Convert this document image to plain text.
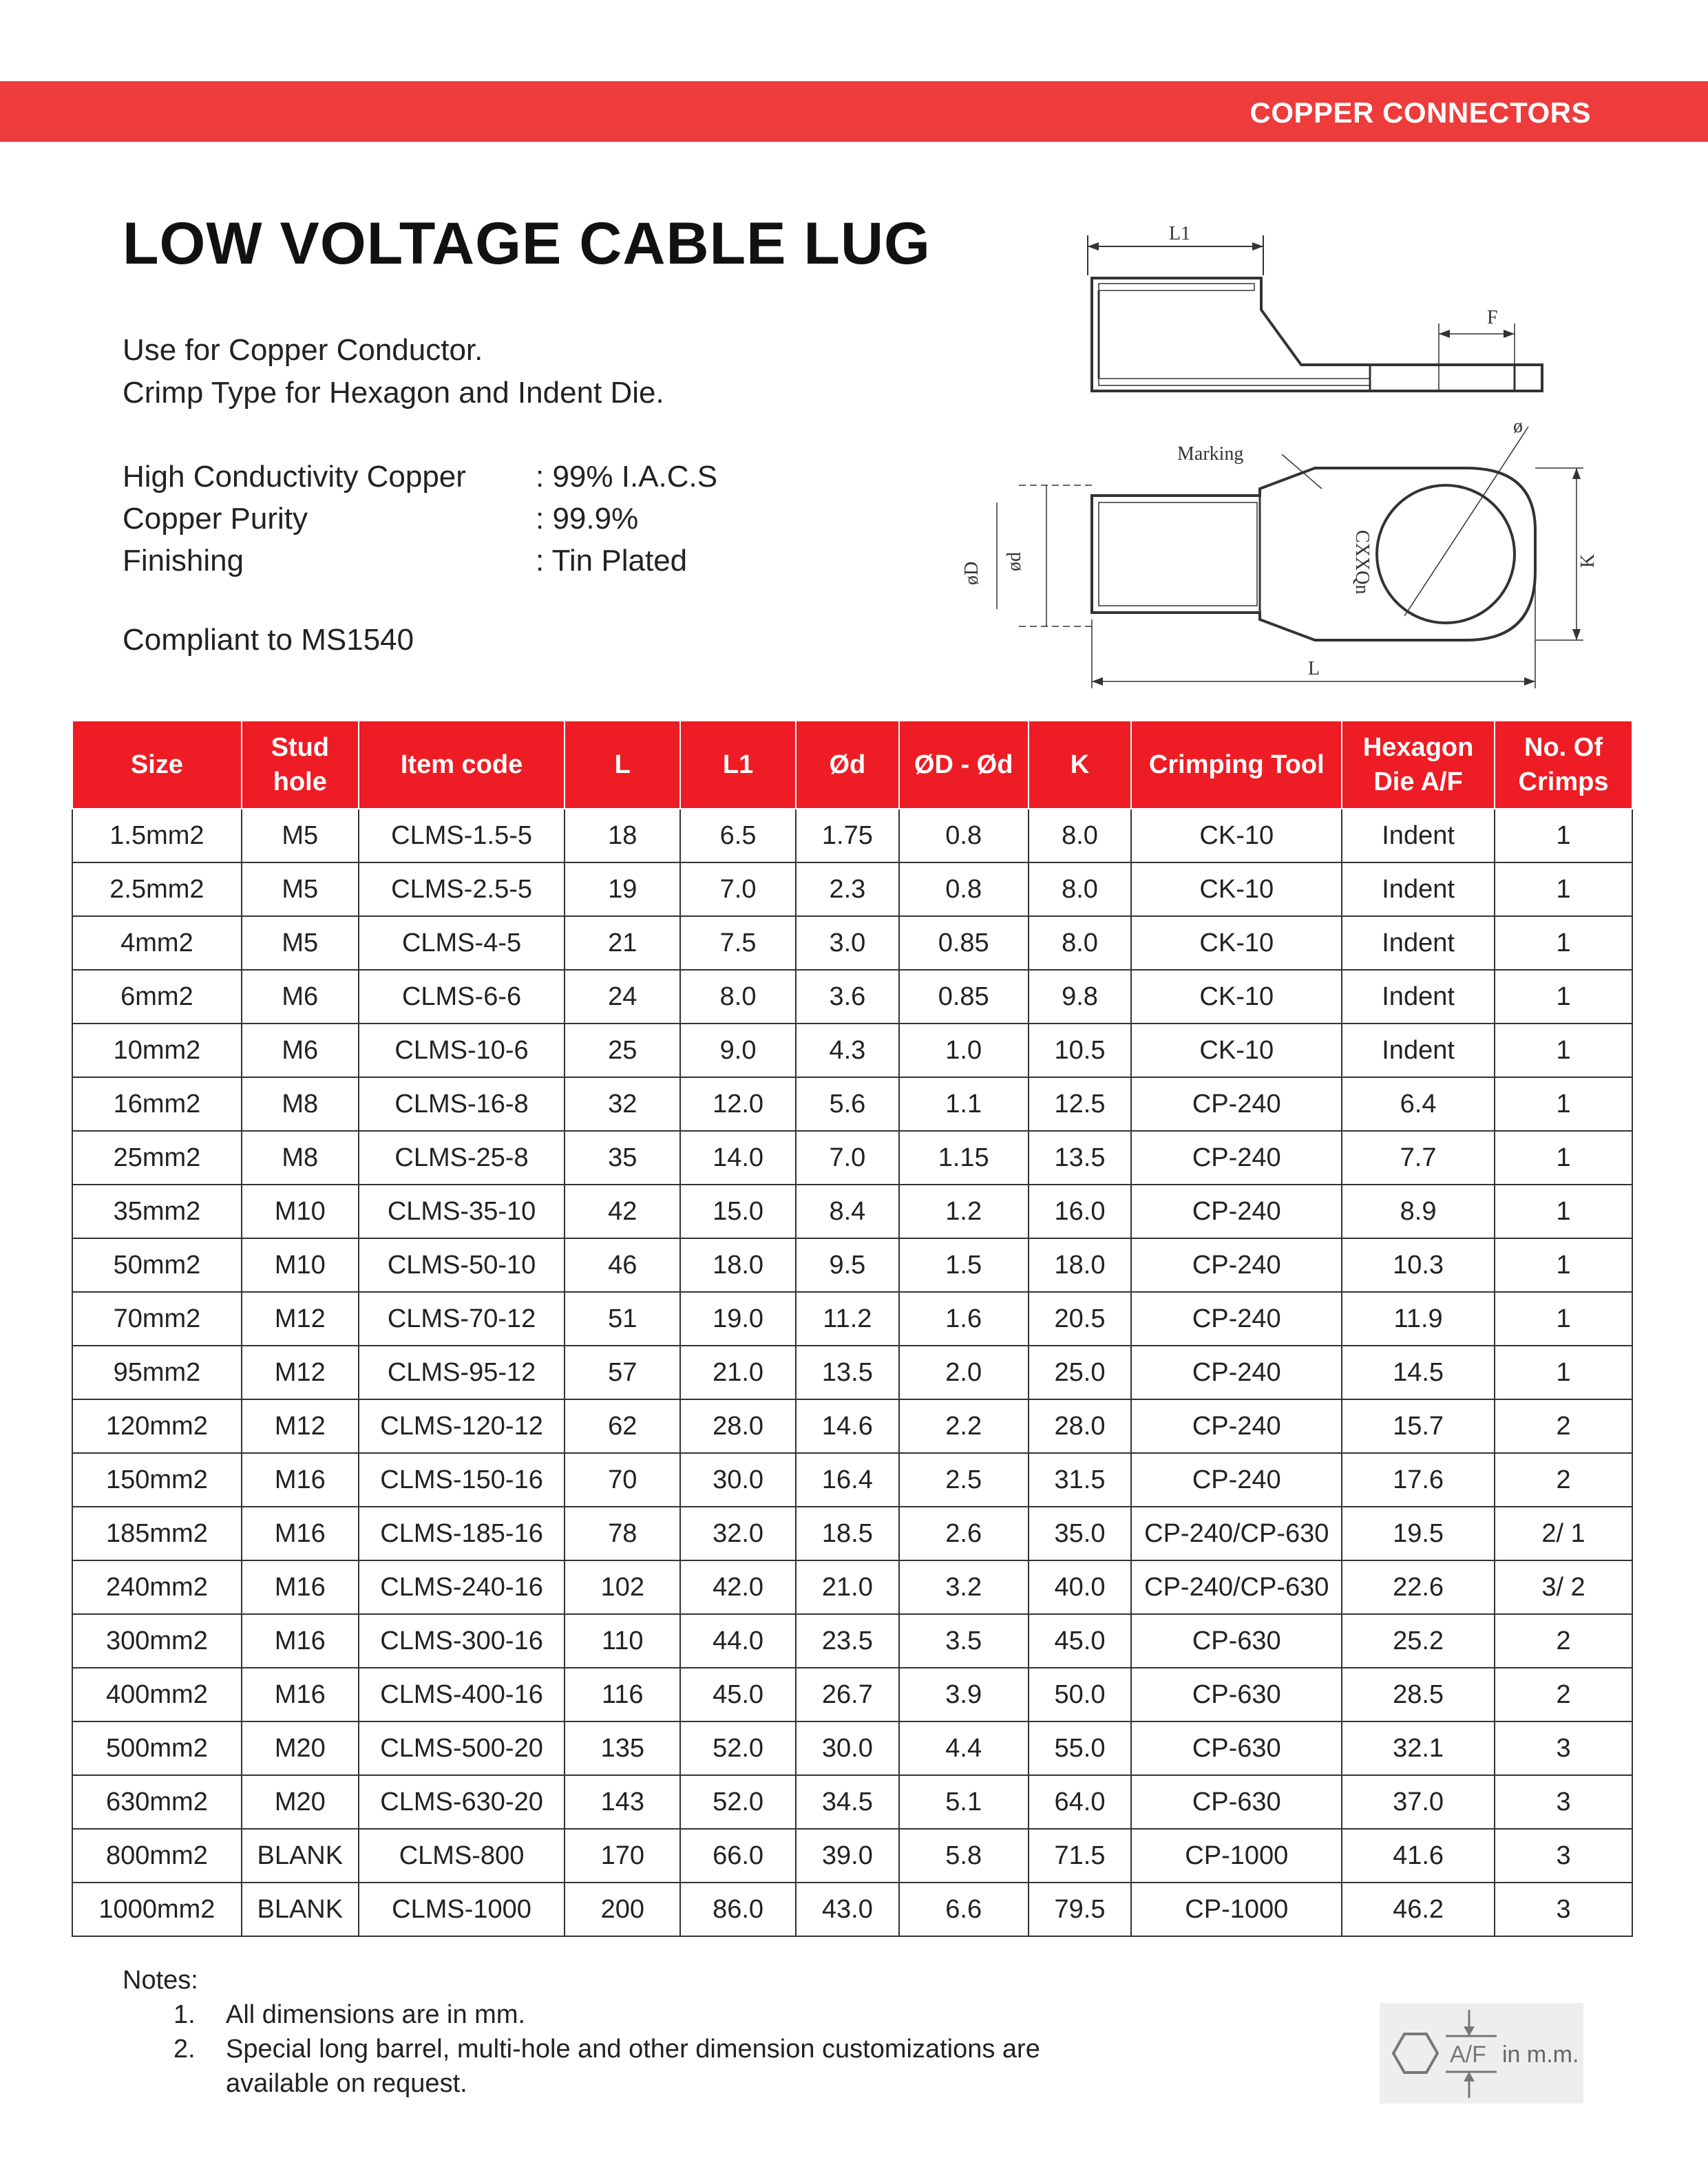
COPPER CONNECTORS
LOW VOLTAGE CABLE LUG
Use for Copper Conductor.
Crimp Type for Hexagon and Indent Die.
High Conductivity Copper	: 99% I.A.C.S
Copper Purity	: 99.9%
Finishing	: Tin Plated
Compliant to MS1540
L1
F
Marking
ø
CXXQn
øD ød	K
L
Size	Stud hole	Item code	L	L1	Ød	ØD - Ød	K	Crimping Tool	Hexagon Die A/F	No. Of Crimps
1.5mm2	M5	CLMS-1.5-5	18	6.5	1.75	0.8	8.0	CK-10	Indent	1
2.5mm2	M5	CLMS-2.5-5	19	7.0	2.3	0.8	8.0	CK-10	Indent	1
4mm2	M5	CLMS-4-5	21	7.5	3.0	0.85	8.0	CK-10	Indent	1
6mm2	M6	CLMS-6-6	24	8.0	3.6	0.85	9.8	CK-10	Indent	1
10mm2	M6	CLMS-10-6	25	9.0	4.3	1.0	10.5	CK-10	Indent	1
16mm2	M8	CLMS-16-8	32	12.0	5.6	1.1	12.5	CP-240	6.4	1
25mm2	M8	CLMS-25-8	35	14.0	7.0	1.15	13.5	CP-240	7.7	1
35mm2	M10	CLMS-35-10	42	15.0	8.4	1.2	16.0	CP-240	8.9	1
50mm2	M10	CLMS-50-10	46	18.0	9.5	1.5	18.0	CP-240	10.3	1
70mm2	M12	CLMS-70-12	51	19.0	11.2	1.6	20.5	CP-240	11.9	1
95mm2	M12	CLMS-95-12	57	21.0	13.5	2.0	25.0	CP-240	14.5	1
120mm2	M12	CLMS-120-12	62	28.0	14.6	2.2	28.0	CP-240	15.7	2
150mm2	M16	CLMS-150-16	70	30.0	16.4	2.5	31.5	CP-240	17.6	2
185mm2	M16	CLMS-185-16	78	32.0	18.5	2.6	35.0	CP-240/CP-630	19.5	2/ 1
240mm2	M16	CLMS-240-16	102	42.0	21.0	3.2	40.0	CP-240/CP-630	22.6	3/ 2
300mm2	M16	CLMS-300-16	110	44.0	23.5	3.5	45.0	CP-630	25.2	2
400mm2	M16	CLMS-400-16	116	45.0	26.7	3.9	50.0	CP-630	28.5	2
500mm2	M20	CLMS-500-20	135	52.0	30.0	4.4	55.0	CP-630	32.1	3
630mm2	M20	CLMS-630-20	143	52.0	34.5	5.1	64.0	CP-630	37.0	3
800mm2	BLANK	CLMS-800	170	66.0	39.0	5.8	71.5	CP-1000	41.6	3
1000mm2	BLANK	CLMS-1000	200	86.0	43.0	6.6	79.5	CP-1000	46.2	3
Notes:
1.	All dimensions are in mm.
2.	Special long barrel, multi-hole and other dimension customizations are available on request.
A/F in m.m.
